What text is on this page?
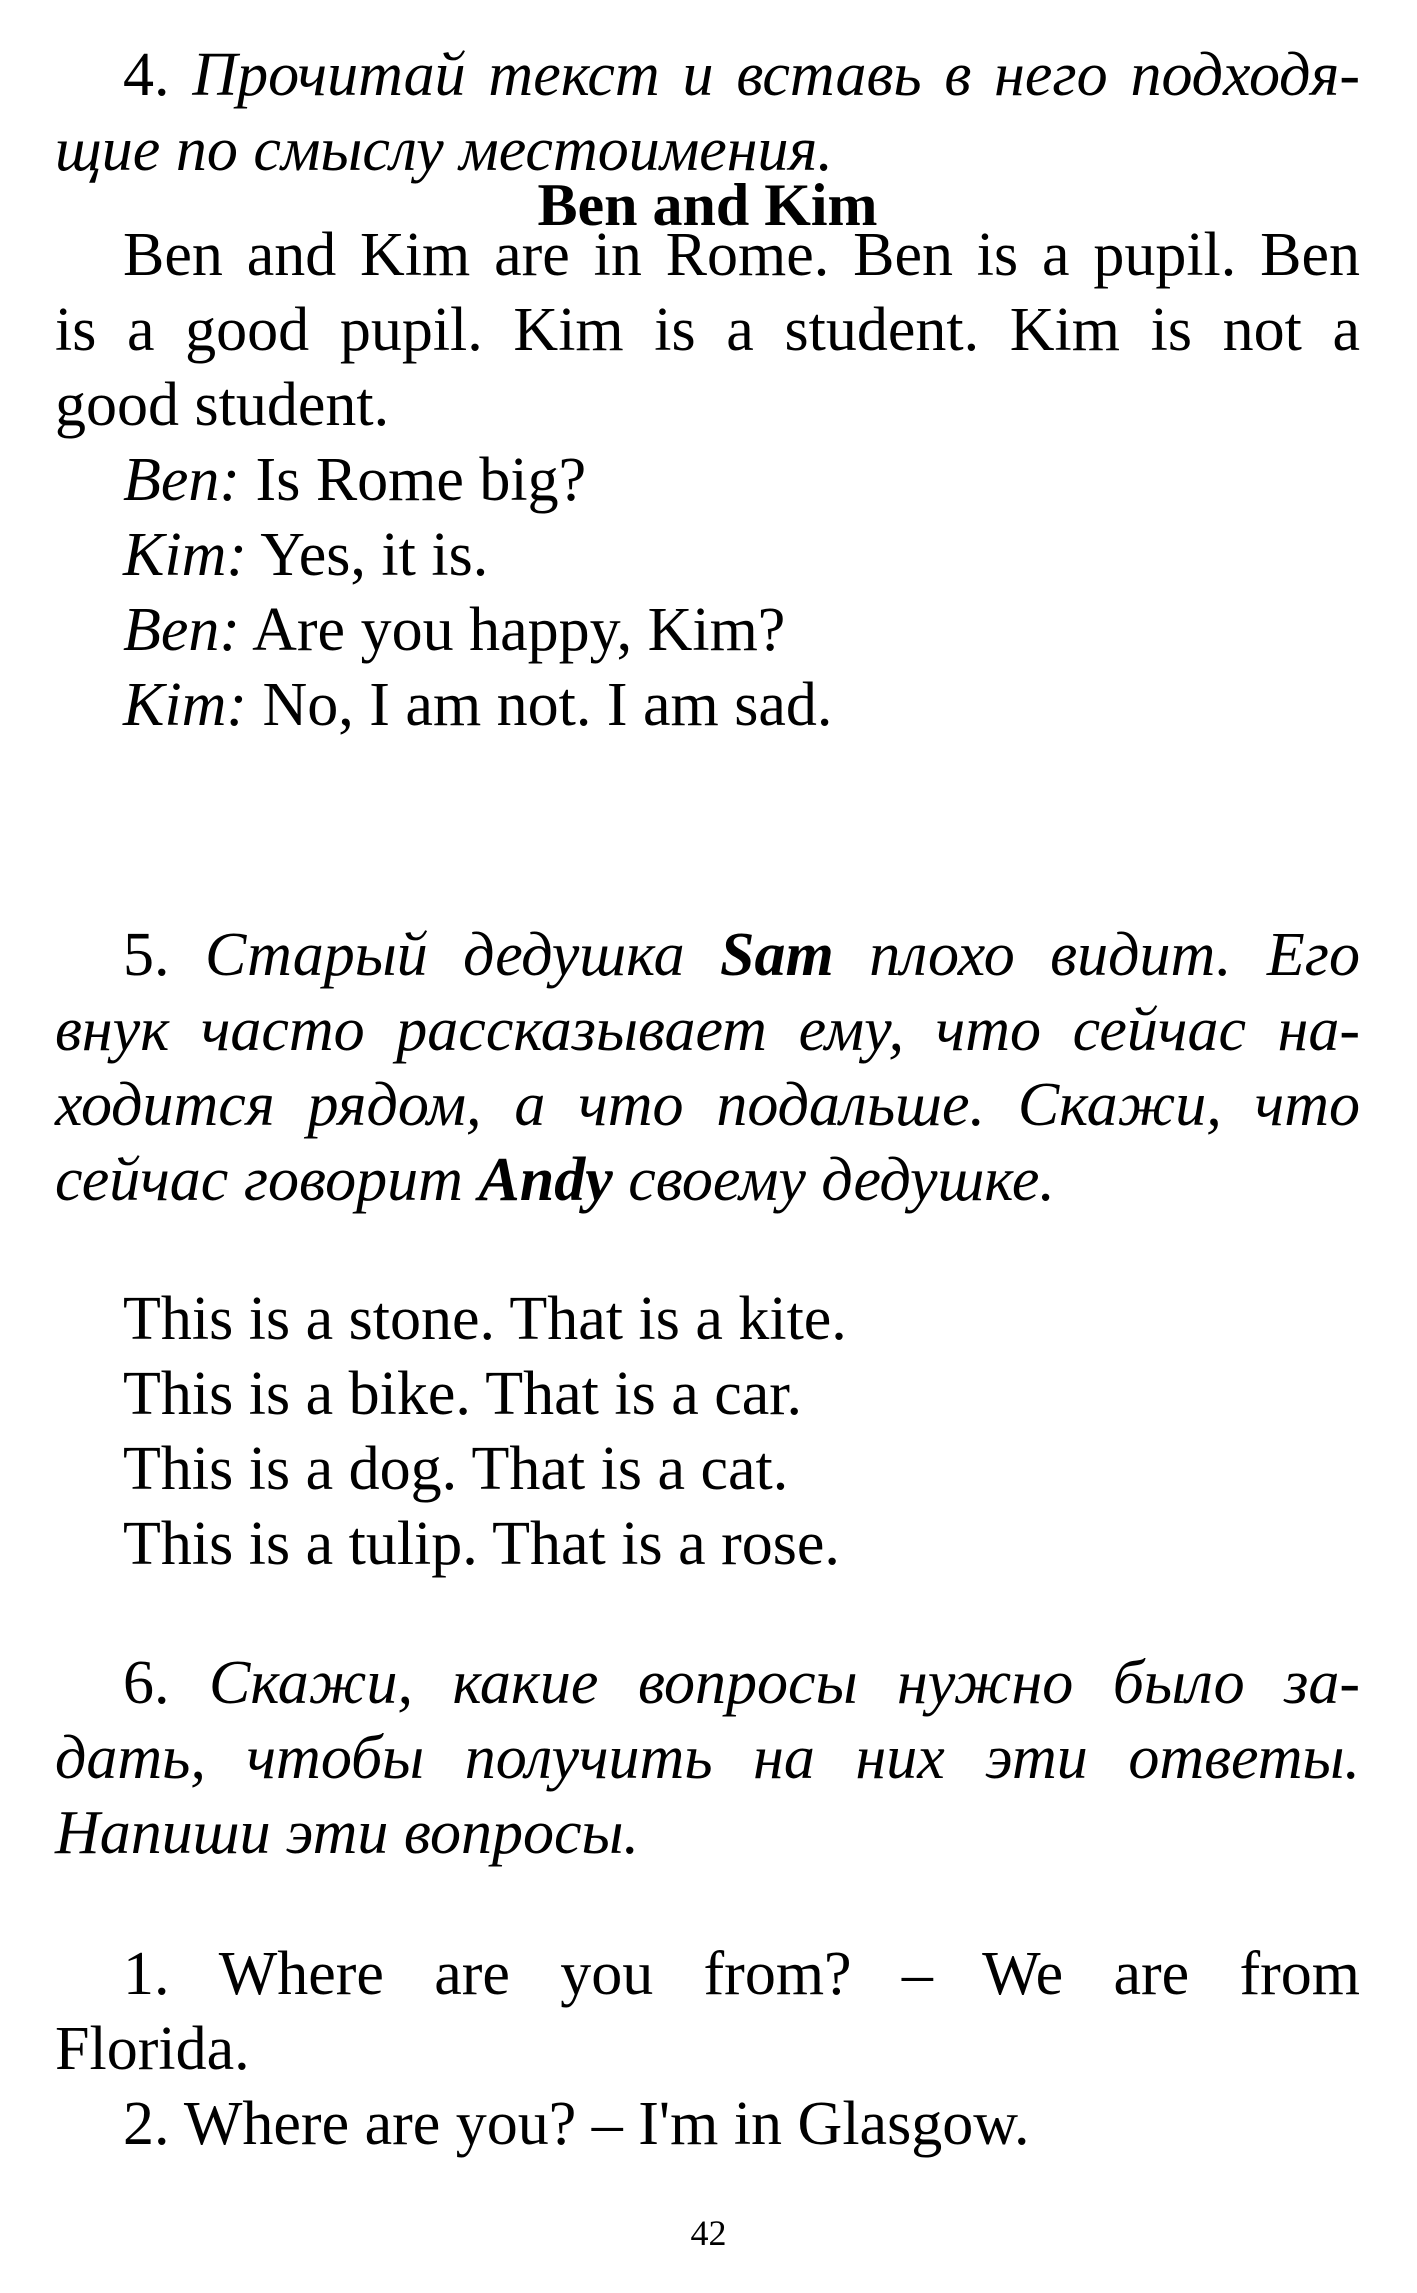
4. Прочитай текст и вставь в него подходя-
щие по смыслу местоимения.
Ben and Kim
Ben and Kim are in Rome. Ben is a pupil. Ben
is a good pupil. Kim is a student. Kim is not a
good student.
Ben: Is Rome big?
Kim: Yes, it is.
Ben: Are you happy, Kim?
Kim: No, I am not. I am sad.
5. Старый дедушка Sam плохо видит. Его
внук часто рассказывает ему, что сейчас на-
ходится рядом, а что подальше. Скажи, что
сейчас говорит Andy своему дедушке.
This is a stone. That is a kite.
This is a bike. That is a car.
This is a dog. That is a cat.
This is a tulip. That is a rose.
6. Скажи, какие вопросы нужно было за-
дать, чтобы получить на них эти ответы.
Напиши эти вопросы.
1. Where are you from? – We are from
Florida.
2. Where are you? – I'm in Glasgow.
42
